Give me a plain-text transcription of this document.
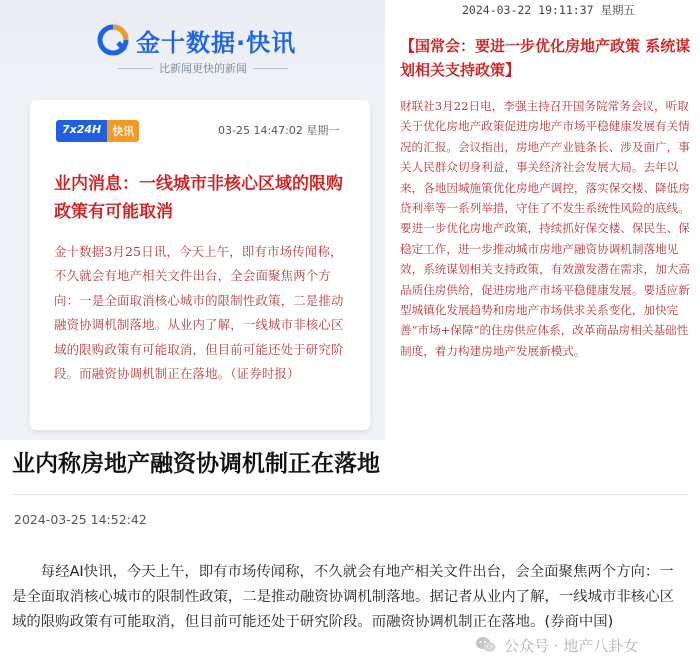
金十数据·快讯
比新闻更快的新闻
7x24H	快讯	03-25 14:47:02 星期一
业内消息：一线城市非核心区域的限购政策有可能取消
金十数据3月25日讯，今天上午，即有市场传闻称，不久就会有地产相关文件出台，全会面聚焦两个方向：一是全面取消核心城市的限制性政策，二是推动融资协调机制落地。从业内了解，一线城市非核心区域的限购政策有可能取消，但目前可能还处于研究阶段。而融资协调机制正在落地。（证券时报）
2024-03-22 19:11:37 星期五
【国常会：要进一步优化房地产政策 系统谋划相关支持政策】
财联社3月22日电，李强主持召开国务院常务会议，听取关于优化房地产政策促进房地产市场平稳健康发展有关情况的汇报。会议指出，房地产产业链条长、涉及面广，事关人民群众切身利益，事关经济社会发展大局。去年以来，各地因城施策优化房地产调控，落实保交楼、降低房贷利率等一系列举措，守住了不发生系统性风险的底线。要进一步优化房地产政策，持续抓好保交楼、保民生、保稳定工作，进一步推动城市房地产融资协调机制落地见效，系统谋划相关支持政策，有效激发潜在需求，加大高品质住房供给，促进房地产市场平稳健康发展。要适应新型城镇化发展趋势和房地产市场供求关系变化，加快完善“市场+保障”的住房供应体系，改革商品房相关基础性制度，着力构建房地产发展新模式。
业内称房地产融资协调机制正在落地
2024-03-25 14:52:42
每经AI快讯，今天上午，即有市场传闻称，不久就会有地产相关文件出台，会全面聚焦两个方向：一是全面取消核心城市的限制性政策，二是推动融资协调机制落地。据记者从业内了解，一线城市非核心区域的限购政策有可能取消，但目前可能还处于研究阶段。而融资协调机制正在落地。(券商中国)
公众号 · 地产八卦女
